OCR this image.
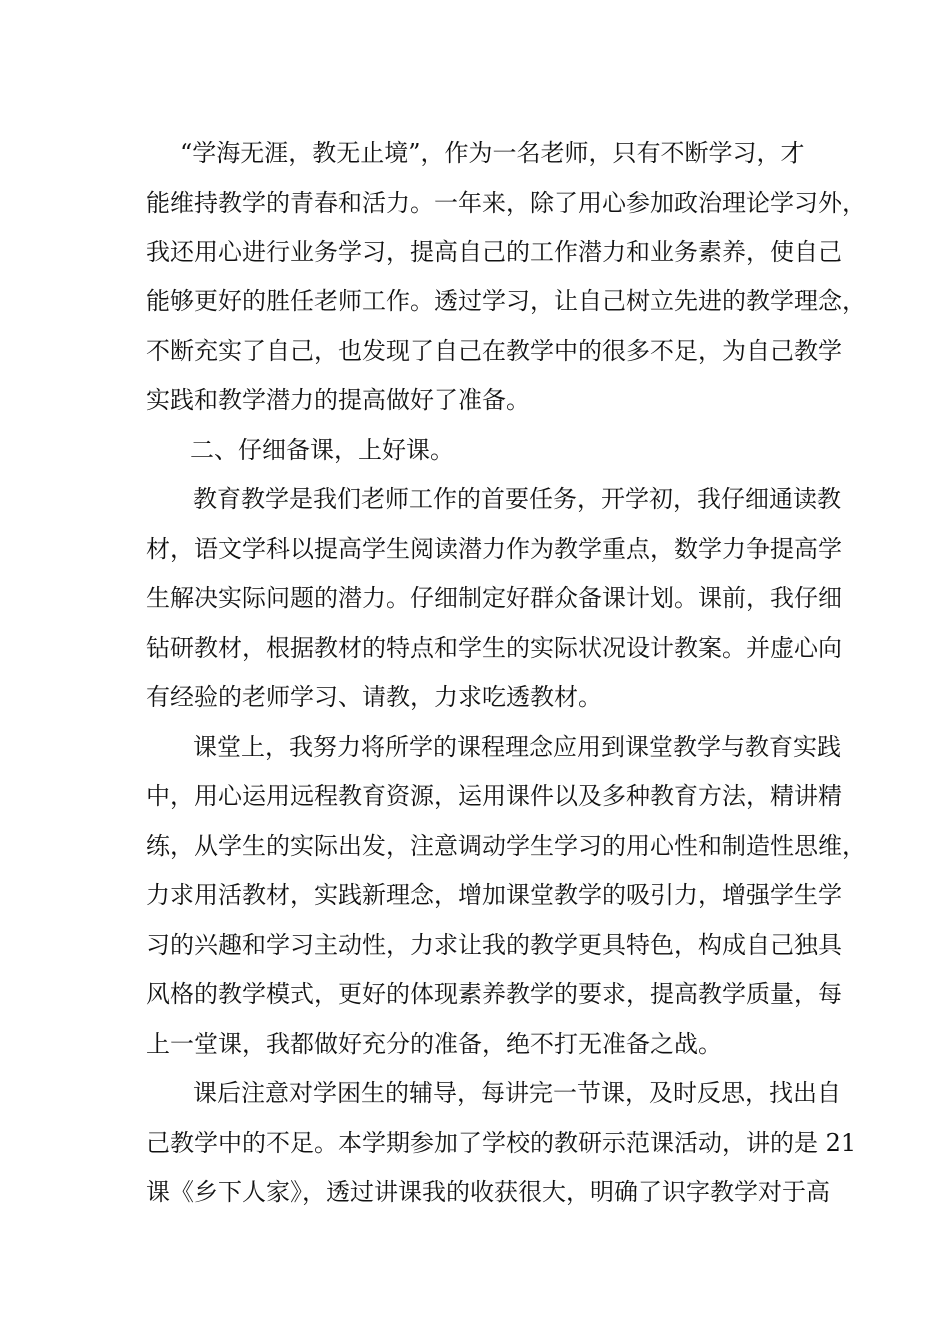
“学海无涯，教无止境”，作为一名老师，只有不断学习，才
能维持教学的青春和活力。一年来，除了用心参加政治理论学习外，
我还用心进行业务学习，提高自己的工作潜力和业务素养，使自己
能够更好的胜任老师工作。透过学习，让自己树立先进的教学理念，
不断充实了自己，也发现了自己在教学中的很多不足，为自己教学
实践和教学潜力的提高做好了准备。
二、仔细备课，上好课。
教育教学是我们老师工作的首要任务，开学初，我仔细通读教
材，语文学科以提高学生阅读潜力作为教学重点，数学力争提高学
生解决实际问题的潜力。仔细制定好群众备课计划。课前，我仔细
钻研教材，根据教材的特点和学生的实际状况设计教案。并虚心向
有经验的老师学习、请教，力求吃透教材。
课堂上，我努力将所学的课程理念应用到课堂教学与教育实践
中，用心运用远程教育资源，运用课件以及多种教育方法，精讲精
练，从学生的实际出发，注意调动学生学习的用心性和制造性思维，
力求用活教材，实践新理念，增加课堂教学的吸引力，增强学生学
习的兴趣和学习主动性，力求让我的教学更具特色，构成自己独具
风格的教学模式，更好的体现素养教学的要求，提高教学质量，每
上一堂课，我都做好充分的准备，绝不打无准备之战。
课后注意对学困生的辅导，每讲完一节课，及时反思，找出自
己教学中的不足。本学期参加了学校的教研示范课活动，讲的是 21
课《乡下人家》，透过讲课我的收获很大，明确了识字教学对于高
